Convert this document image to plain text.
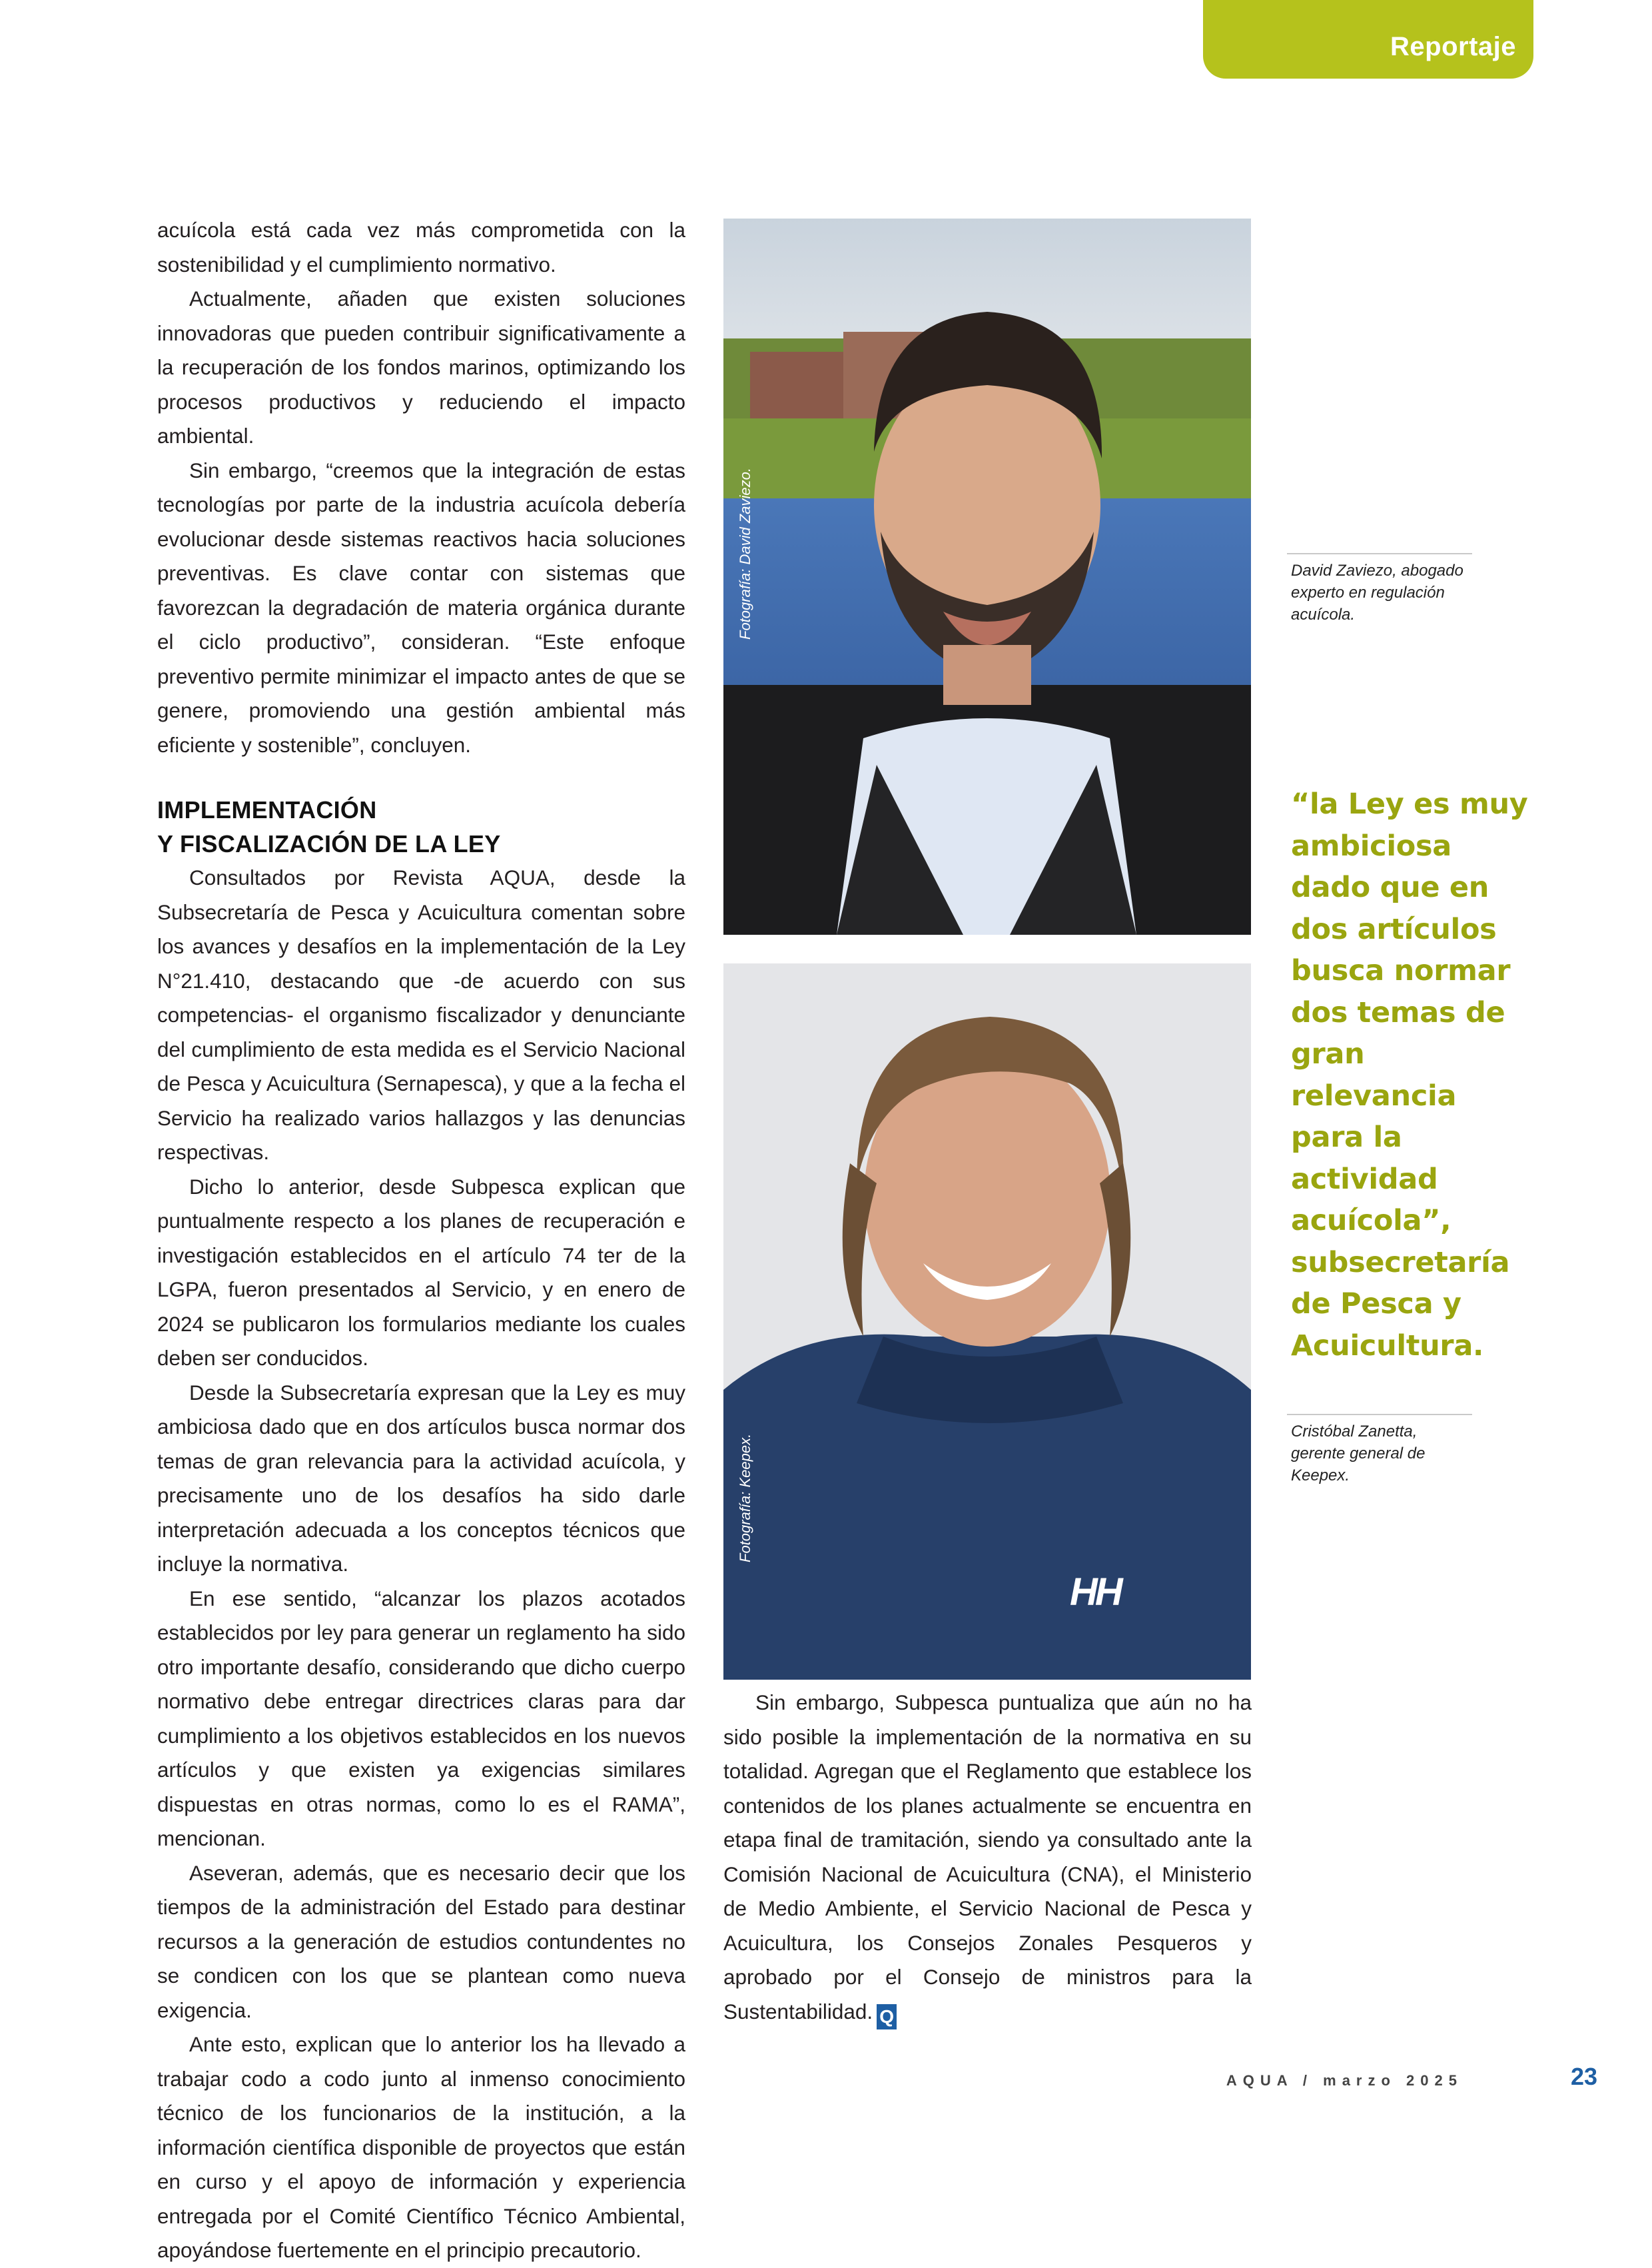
Reportaje

acuícola está cada vez más comprometida con la sostenibilidad y el cumplimiento normativo.

Actualmente, añaden que existen soluciones innovadoras que pueden contribuir significativamente a la recuperación de los fondos marinos, optimizando los procesos productivos y reduciendo el impacto ambiental.

Sin embargo, “creemos que la integración de estas tecnologías por parte de la industria acuícola debería evolucionar desde sistemas reactivos hacia soluciones preventivas. Es clave contar con sistemas que favorezcan la degradación de materia orgánica durante el ciclo productivo”, consideran. “Este enfoque preventivo permite minimizar el impacto antes de que se genere, promoviendo una gestión ambiental más eficiente y sostenible”, concluyen.

IMPLEMENTACIÓN
Y FISCALIZACIÓN DE LA LEY

Consultados por Revista AQUA, desde la Subsecretaría de Pesca y Acuicultura comentan sobre los avances y desafíos en la implementación de la Ley N°21.410, destacando que -de acuerdo con sus competencias- el organismo fiscalizador y denunciante del cumplimiento de esta medida es el Servicio Nacional de Pesca y Acuicultura (Sernapesca), y que a la fecha el Servicio ha realizado varios hallazgos y las denuncias respectivas.

Dicho lo anterior, desde Subpesca explican que puntualmente respecto a los planes de recuperación e investigación establecidos en el artículo 74 ter de la LGPA, fueron presentados al Servicio, y en enero de 2024 se publicaron los formularios mediante los cuales deben ser conducidos.

Desde la Subsecretaría expresan que la Ley es muy ambiciosa dado que en dos artículos busca normar dos temas de gran relevancia para la actividad acuícola, y precisamente uno de los desafíos ha sido darle interpretación adecuada a los conceptos técnicos que incluye la normativa.

En ese sentido, “alcanzar los plazos acotados establecidos por ley para generar un reglamento ha sido otro importante desafío, considerando que dicho cuerpo normativo debe entregar directrices claras para dar cumplimiento a los objetivos establecidos en los nuevos artículos y que existen ya exigencias similares dispuestas en otras normas, como lo es el RAMA”, mencionan.

Aseveran, además, que es necesario decir que los tiempos de la administración del Estado para destinar recursos a la generación de estudios contundentes no se condicen con los que se plantean como nueva exigencia.

Ante esto, explican que lo anterior los ha llevado a trabajar codo a codo junto al inmenso conocimiento técnico de los funcionarios de la institución, a la información científica disponible de proyectos que están en curso y el apoyo de información y experiencia entregada por el Comité Científico Técnico Ambiental, apoyándose fuertemente en el principio precautorio.

Fotografía: David Zaviezo.
HH
Fotografía: Keepex.
David Zaviezo, abogado experto en regulación acuícola.
Cristóbal Zanetta, gerente general de Keepex.
“la Ley es muy ambiciosa dado que en dos artículos busca normar dos temas de gran relevancia para la actividad acuícola”, subsecretaría de Pesca y Acuicultura.

Sin embargo, Subpesca puntualiza que aún no ha sido posible la implementación de la normativa en su totalidad. Agregan que el Reglamento que establece los contenidos de los planes actualmente se encuentra en etapa final de tramitación, siendo ya consultado ante la Comisión Nacional de Acuicultura (CNA), el Ministerio de Medio Ambiente, el Servicio Nacional de Pesca y Acuicultura, los Consejos Zonales Pesqueros y aprobado por el Consejo de ministros para la Sustentabilidad. Q

AQUA / marzo 2025	23
